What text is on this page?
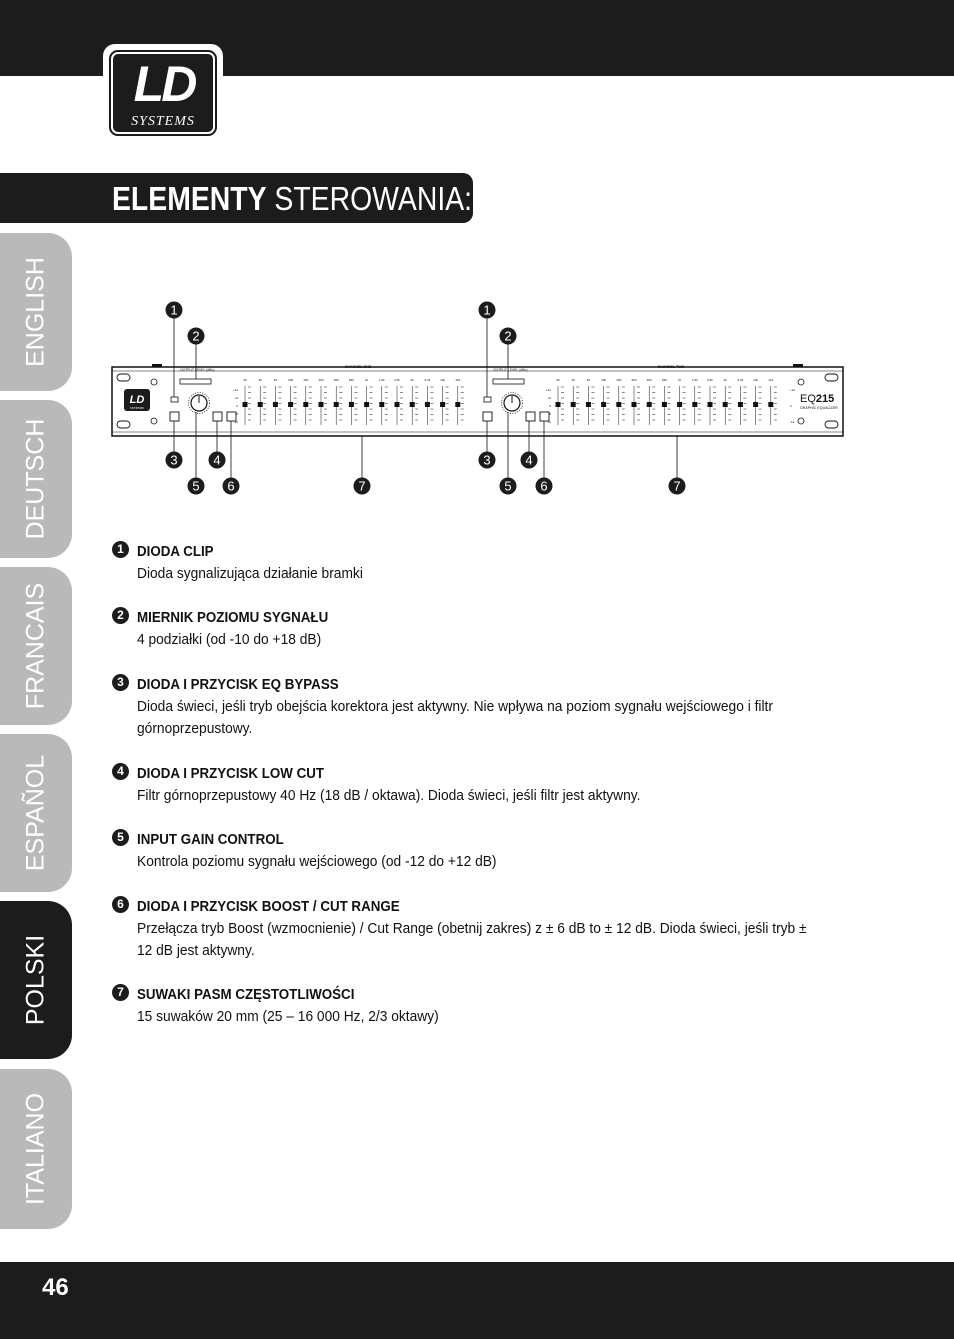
LD
SYSTEMS
ELEMENTY STEROWANIA:
ENGLISH
DEUTSCH
FRANCAIS
ESPAÑOL
POLSKI
ITALIANO
LD
SYSTEMS
EQ215
GRAPHIC EQUALIZER
OUTPUT LEVEL (dBu)
CHANNEL ONE
+12
+6
0
-6
-12
25	40	63	100	160	250	400	630	1k	1.6k	2.5k	4k	6.3k	10k	16k
OUTPUT LEVEL (dBu)
CHANNEL TWO
+12
+6
0
-6
-12
25	40	63	100	160	250	400	630	1k	1.6k	2.5k	4k	6.3k	10k	16k
+12
0
-12
1
2
3	4
5 6	7
1
2
3	4
5 6	7
1 DIODA CLIP
Dioda sygnalizująca działanie bramki
2 MIERNIK POZIOMU SYGNAŁU
4 podziałki (od -10 do +18 dB)
3 DIODA I PRZYCISK EQ BYPASS
Dioda świeci, jeśli tryb obejścia korektora jest aktywny. Nie wpływa na poziom sygnału wejściowego i filtr górnoprzepustowy.
4 DIODA I PRZYCISK LOW CUT
Filtr górnoprzepustowy 40 Hz (18 dB / oktawa). Dioda świeci, jeśli filtr jest aktywny.
5 INPUT GAIN CONTROL
Kontrola poziomu sygnału wejściowego (od -12 do +12 dB)
6 DIODA I PRZYCISK BOOST / CUT RANGE
Przełącza tryb Boost (wzmocnienie) / Cut Range (obetnij zakres) z ± 6 dB to ± 12 dB. Dioda świeci, jeśli tryb ± 12 dB jest aktywny.
7 SUWAKI PASM CZĘSTOTLIWOŚCI
15 suwaków 20 mm (25 – 16 000 Hz, 2/3 oktawy)
46
